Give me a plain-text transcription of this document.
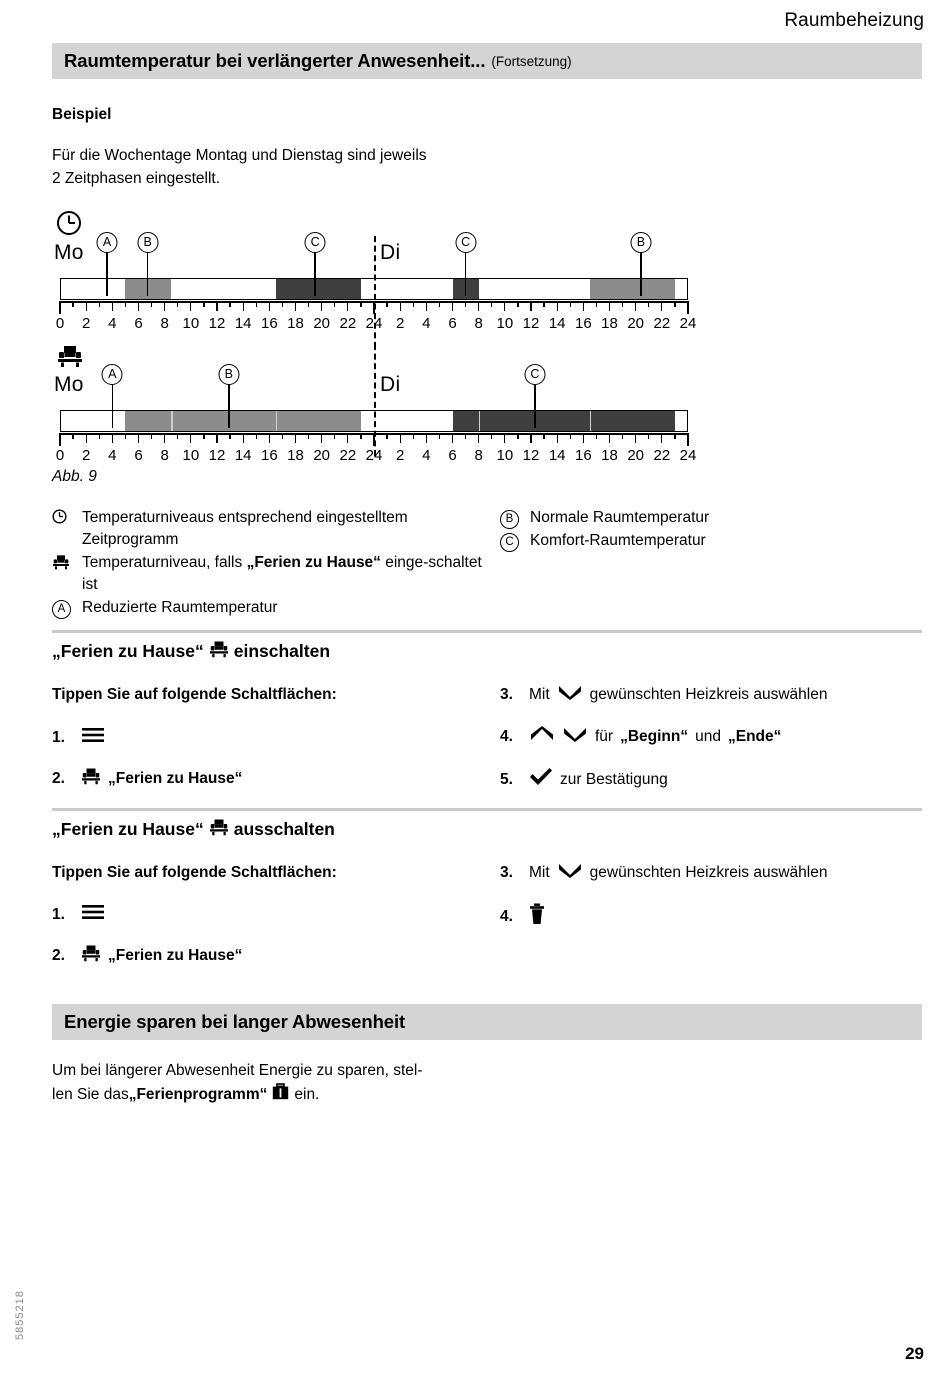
Raumbeheizung
Raumtemperatur bei verlängerter Anwesenheit... (Fortsetzung)
Beispiel
Für die Wochentage Montag und Dienstag sind jeweils
2 Zeitphasen eingestellt.
Mo	Di
A	B	C	C	B
0 2 4 6 8 10 12 14 16 18 20 22 24 2 4 6 8 10 12 14 16 18 20 22 24
Mo	Di
A	B	C
0 2 4 6 8 10 12 14 16 18 20 22 24 2 4 6 8 10 12 14 16 18 20 22 24
Abb. 9
Temperaturniveaus entsprechend eingestelltem Zeitprogramm
Temperaturniveau, falls „Ferien zu Hause“ einge-schaltet ist
A	Reduzierte Raumtemperatur
B	Normale Raumtemperatur
C	Komfort-Raumtemperatur
„Ferien zu Hause“ einschalten
Tippen Sie auf folgende Schaltflächen:
1.
2.	„Ferien zu Hause“
3.	Mit	gewünschten Heizkreis auswählen
4.	für „Beginn“ und „Ende“
5.	zur Bestätigung
„Ferien zu Hause“ ausschalten
Tippen Sie auf folgende Schaltflächen:
1.
2.	„Ferien zu Hause“
3.	Mit	gewünschten Heizkreis auswählen
4.
Energie sparen bei langer Abwesenheit
Um bei längerer Abwesenheit Energie zu sparen, stel-
len Sie das „Ferienprogramm“ ein.
5855218
29
